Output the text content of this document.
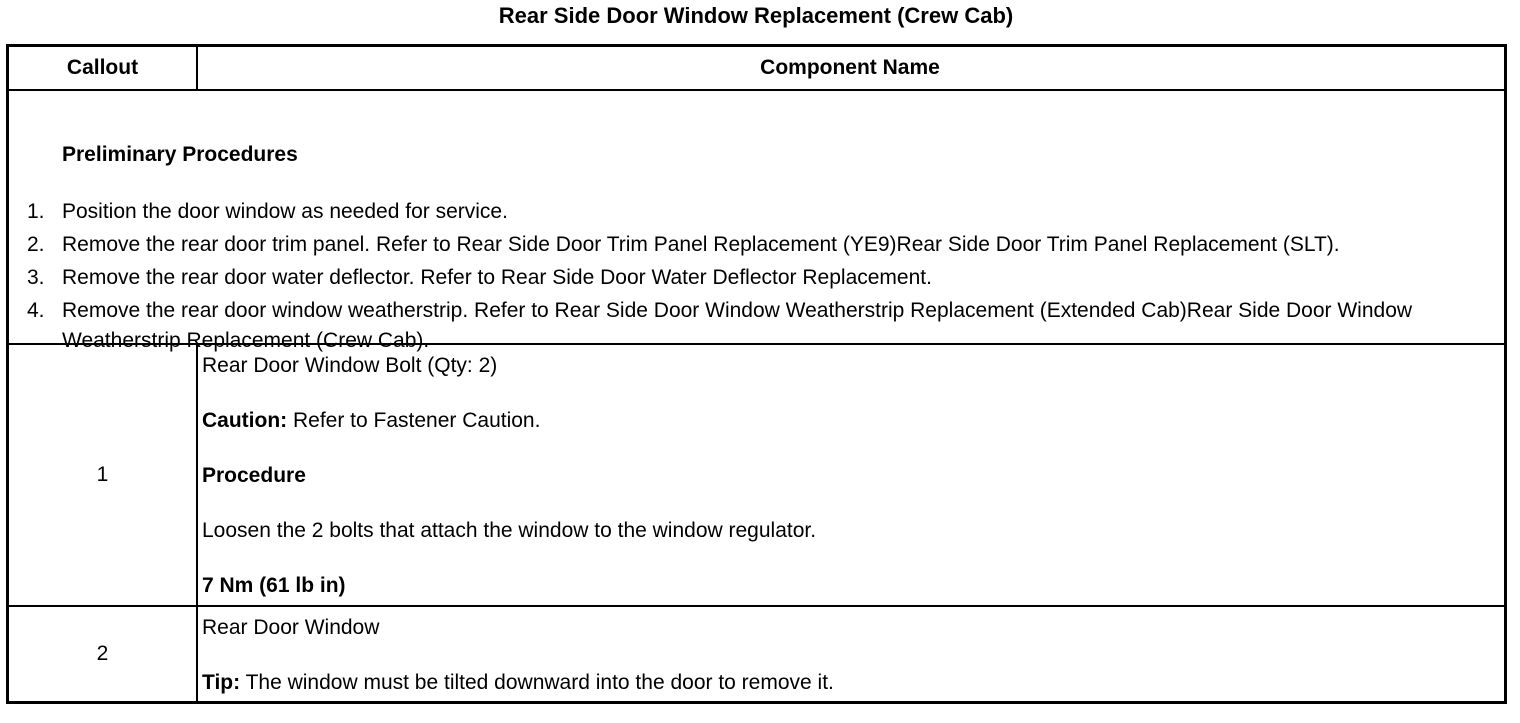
Rear Side Door Window Replacement (Crew Cab)
Callout	Component Name
Preliminary Procedures
1. Position the door window as needed for service.
2. Remove the rear door trim panel. Refer to Rear Side Door Trim Panel Replacement (YE9)Rear Side Door Trim Panel Replacement (SLT).
3. Remove the rear door water deflector. Refer to Rear Side Door Water Deflector Replacement.
4. Remove the rear door window weatherstrip. Refer to Rear Side Door Window Weatherstrip Replacement (Extended Cab)Rear Side Door Window Weatherstrip Replacement (Crew Cab).
1
Rear Door Window Bolt (Qty: 2)
Caution: Refer to Fastener Caution.
Procedure
Loosen the 2 bolts that attach the window to the window regulator.
7 Nm (61 lb in)
2
Rear Door Window
Tip: The window must be tilted downward into the door to remove it.
